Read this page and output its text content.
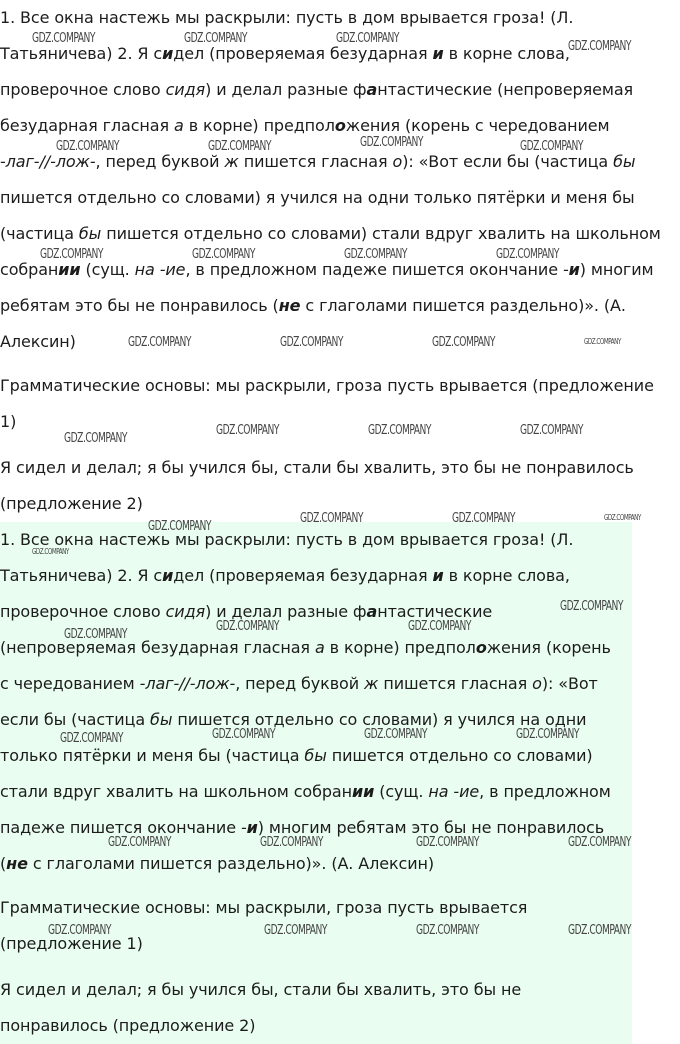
1. Все окна настежь мы раскрыли: пусть в дом врывается гроза! (Л.
Татьяничева) 2. Я сидел (проверяемая безударная и в корне слова,
проверочное слово сидя) и делал разные фантастические (непроверяемая
безударная гласная а в корне) предположения (корень с чередованием
-лаг-//-лож-, перед буквой ж пишется гласная о): «Вот если бы (частица бы
пишется отдельно со словами) я учился на одни только пятёрки и меня бы
(частица бы пишется отдельно со словами) стали вдруг хвалить на школьном
собрании (сущ. на -ие, в предложном падеже пишется окончание -и) многим
ребятам это бы не понравилось (не с глаголами пишется раздельно)». (А.
Алексин)
Грамматические основы: мы раскрыли, гроза пусть врывается (предложение
1)
Я сидел и делал; я бы учился бы, стали бы хвалить, это бы не понравилось
(предложение 2)
1. Все окна настежь мы раскрыли: пусть в дом врывается гроза! (Л.
Татьяничева) 2. Я сидел (проверяемая безударная и в корне слова,
проверочное слово сидя) и делал разные фантастические
(непроверяемая безударная гласная а в корне) предположения (корень
с чередованием -лаг-//-лож-, перед буквой ж пишется гласная о): «Вот
если бы (частица бы пишется отдельно со словами) я учился на одни
только пятёрки и меня бы (частица бы пишется отдельно со словами)
стали вдруг хвалить на школьном собрании (сущ. на -ие, в предложном
падеже пишется окончание -и) многим ребятам это бы не понравилось
(не с глаголами пишется раздельно)». (А. Алексин)
Грамматические основы: мы раскрыли, гроза пусть врывается
(предложение 1)
Я сидел и делал; я бы учился бы, стали бы хвалить, это бы не
понравилось (предложение 2)
GDZ.COMPANY	GDZ.COMPANY	GDZ.COMPANY
GDZ.COMPANY
GDZ.COMPANY	GDZ.COMPANY	GDZ.COMPANY	GDZ.COMPANY
GDZ.COMPANY	GDZ.COMPANY	GDZ.COMPANY	GDZ.COMPANY
GDZ.COMPANY	GDZ.COMPANY	GDZ.COMPANY	GDZ.COMPANY
GDZ.COMPANY
GDZ.COMPANY	GDZ.COMPANY	GDZ.COMPANY
GDZ.COMPANY
GDZ.COMPANY	GDZ.COMPANY	GDZ.COMPANY
GDZ.COMPANY
GDZ.COMPANY
GDZ.COMPANY
GDZ.COMPANY	GDZ.COMPANY
GDZ.COMPANY	GDZ.COMPANY	GDZ.COMPANY	GDZ.COMPANY
GDZ.COMPANY	GDZ.COMPANY	GDZ.COMPANY	GDZ.COMPANY
GDZ.COMPANY	GDZ.COMPANY	GDZ.COMPANY	GDZ.COMPANY
